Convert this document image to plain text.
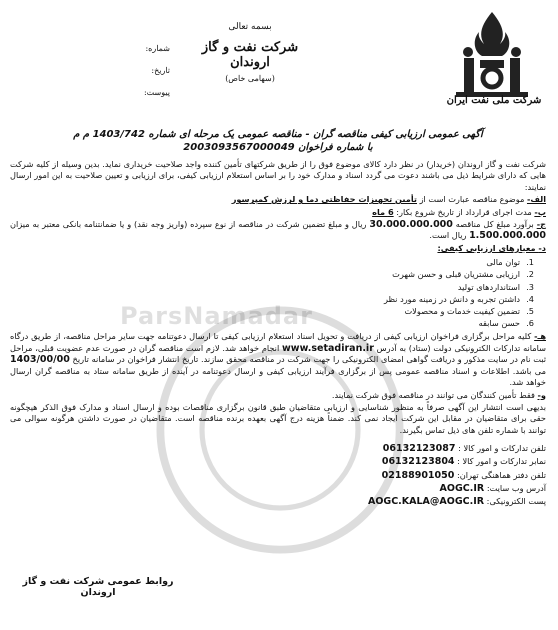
شرکت ملی نفت ایران
بسمه تعالی
شرکت نفت و گاز اروندان
(سهامی خاص)
شماره:
تاریخ:
پیوست:
ParsNamadar
آگهی عمومی ارزیابی کیفی مناقصه گران - مناقصه عمومی یک مرحله ای شماره 1403/742 م م
با شماره فراخوان 2003093567000049
شرکت نفت و گاز اروندان (خریدار) در نظر دارد کالای موضوع فوق را از طریق شرکتهای تأمین کننده واجد صلاحیت خریداری نماید. بدین وسیله از کلیه شرکت هایی که دارای شرایط ذیل می باشند دعوت می گردد اسناد و مدارک خود را بر اساس استعلام ارزیابی کیفی، برای ارزیابی و تعیین صلاحیت به این امور ارسال نمایند:
الف- موضوع مناقصه عبارت است از تأمین تجهیزات حفاظتی دما و لرزش کمپرسور
ب- مدت اجرای قرارداد از تاریخ شروع بکار: 6 ماه
ج- برآورد مبلغ کل مناقصه 30.000.000.000 ریال و مبلغ تضمین شرکت در مناقصه از نوع سپرده (واریز وجه نقد) و یا ضمانتنامه بانکی معتبر به میزان 1.500.000.000 ریال است.
د- معیارهای ارزیابی کیفی:
1.توان مالی
2.ارزیابی مشتریان قبلی و حسن شهرت
3.استانداردهای تولید
4.داشتن تجربه و دانش در زمینه مورد نظر
5.تضمین کیفیت خدمات و محصولات
6.حسن سابقه
هـ- کلیه مراحل برگزاری فراخوان ارزیابی کیفی از دریافت و تحویل اسناد استعلام ارزیابی کیفی تا ارسال دعوتنامه جهت سایر مراحل مناقصه، از طریق درگاه سامانه تدارکات الکترونیکی دولت (ستاد) به آدرس www.setadiran.ir انجام خواهد شد. لازم است مناقصه گران در صورت عدم عضویت قبلی، مراحل ثبت نام در سایت مذکور و دریافت گواهی امضای الکترونیکی را جهت شرکت در مناقصه محقق سازند. تاریخ انتشار فراخوان در سامانه تاریخ 1403/00/00 می باشد. اطلاعات و اسناد مناقصه عمومی پس از برگزاری فرآیند ارزیابی کیفی و ارسال دعوتنامه در آینده از طریق سامانه ستاد به مناقصه گران ارسال خواهد شد.
و- فقط تأمین کنندگان می توانند در مناقصه فوق شرکت نمایند.
بدیهی است انتشار این آگهی صرفاً به منظور شناسایی و ارزیابی متقاضیان طبق قانون برگزاری مناقصات بوده و ارسال اسناد و مدارک فوق الذکر هیچگونه حقی برای متقاضیان در مقابل این شرکت ایجاد نمی کند. ضمناً هزینه درج آگهی بعهده برنده مناقصه است. متقاضیان در صورت داشتن هرگونه سوالی می توانند با شماره تلفن های ذیل تماس بگیرند.
تلفن تدارکات و امور کالا : 06132123087
نمابر تدارکات و امور کالا : 06132123804
تلفن دفتر هماهنگی تهران: 02188901050
آدرس وب سایت: AOGC.IR
پست الکترونیکی: AOGC.KALA@AOGC.IR
روابط عمومی شرکت نفت و گاز اروندان
